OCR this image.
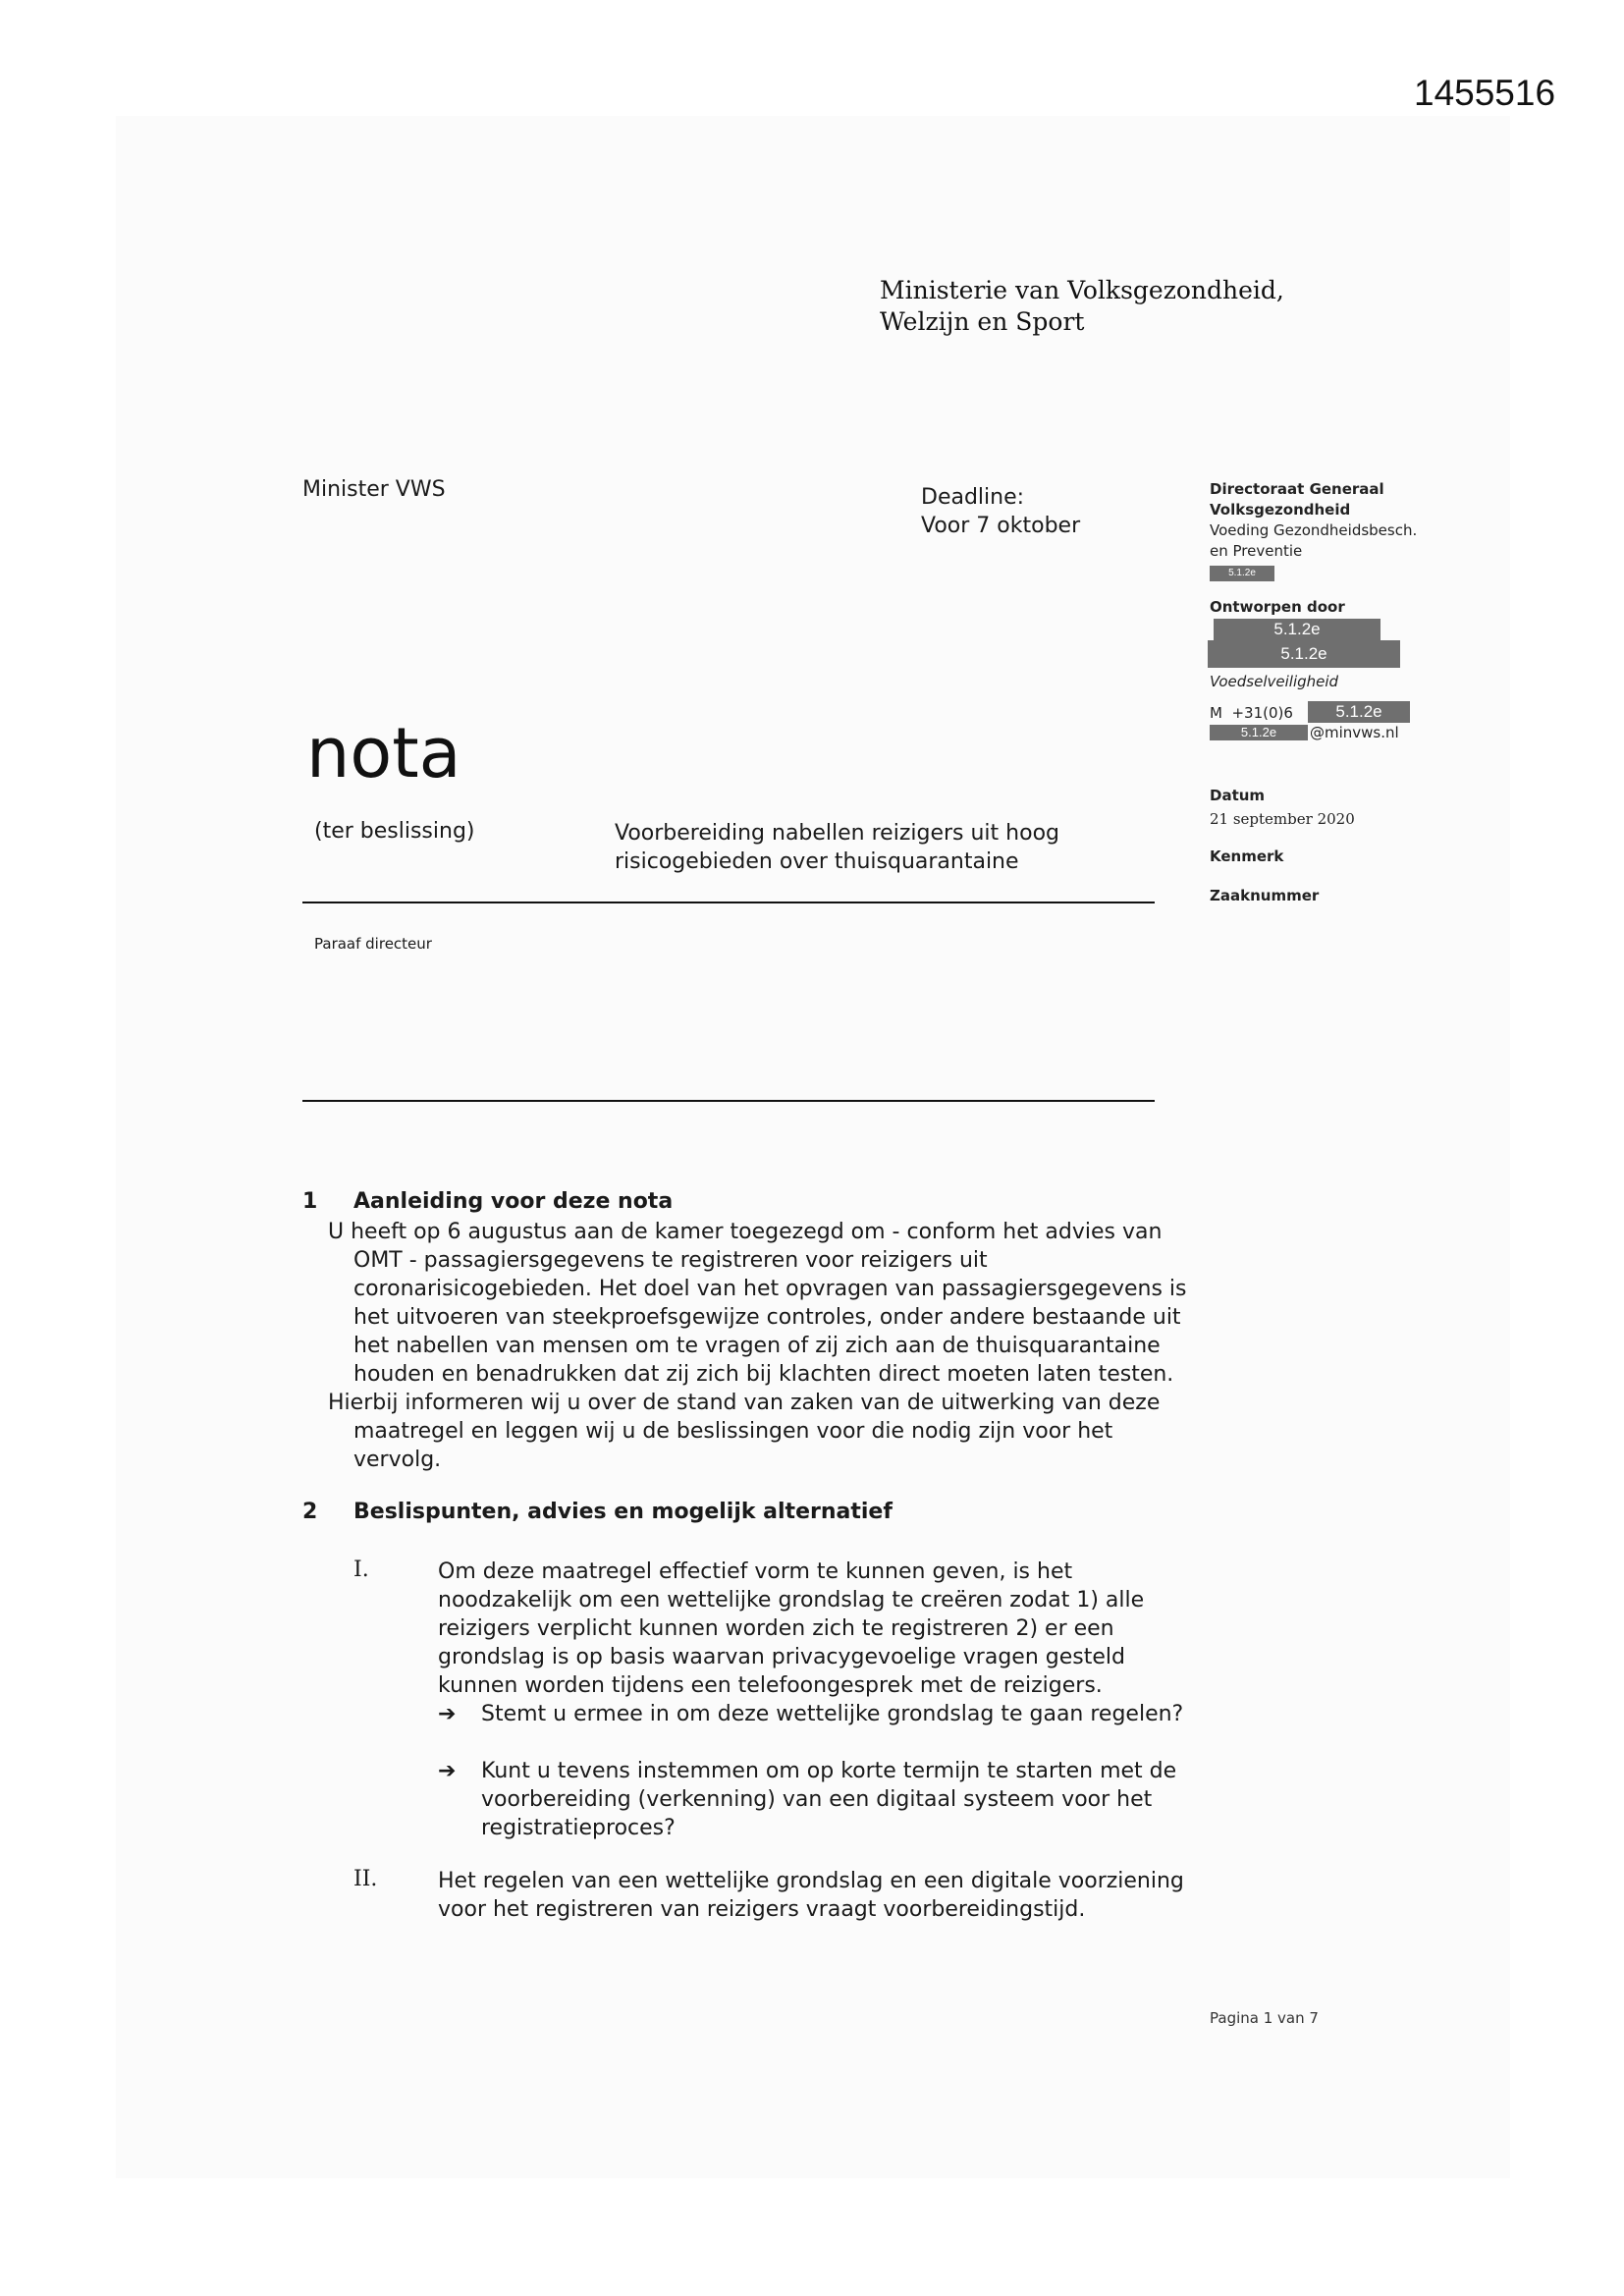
1455516
Ministerie van Volksgezondheid,
Welzijn en Sport
Minister VWS	Deadline:
Voor 7 oktober
Directoraat Generaal
Volksgezondheid
Voeding Gezondheidsbesch.
en Preventie
5.1.2e
Ontworpen door
5.1.2e
5.1.2e
Voedselveiligheid
M  +31(0)6	5.1.2e
5.1.2e	@minvws.nl
Datum
21 september 2020
Kenmerk
Zaaknummer
nota
(ter beslissing)	Voorbereiding nabellen reizigers uit hoog
risicogebieden over thuisquarantaine
Paraaf directeur
1 Aanleiding voor deze nota
U heeft op 6 augustus aan de kamer toegezegd om - conform het advies van
OMT - passagiersgegevens te registreren voor reizigers uit
coronarisicogebieden. Het doel van het opvragen van passagiersgegevens is
het uitvoeren van steekproefsgewijze controles, onder andere bestaande uit
het nabellen van mensen om te vragen of zij zich aan de thuisquarantaine
houden en benadrukken dat zij zich bij klachten direct moeten laten testen.
Hierbij informeren wij u over de stand van zaken van de uitwerking van deze
maatregel en leggen wij u de beslissingen voor die nodig zijn voor het
vervolg.
2 Beslispunten, advies en mogelijk alternatief
I.	Om deze maatregel effectief vorm te kunnen geven, is het
noodzakelijk om een wettelijke grondslag te creëren zodat 1) alle
reizigers verplicht kunnen worden zich te registreren 2) er een
grondslag is op basis waarvan privacygevoelige vragen gesteld
kunnen worden tijdens een telefoongesprek met de reizigers.
➔	Stemt u ermee in om deze wettelijke grondslag te gaan regelen?
➔	Kunt u tevens instemmen om op korte termijn te starten met de
voorbereiding (verkenning) van een digitaal systeem voor het
registratieproces?
II.	Het regelen van een wettelijke grondslag en een digitale voorziening
voor het registreren van reizigers vraagt voorbereidingstijd.
Pagina 1 van 7
